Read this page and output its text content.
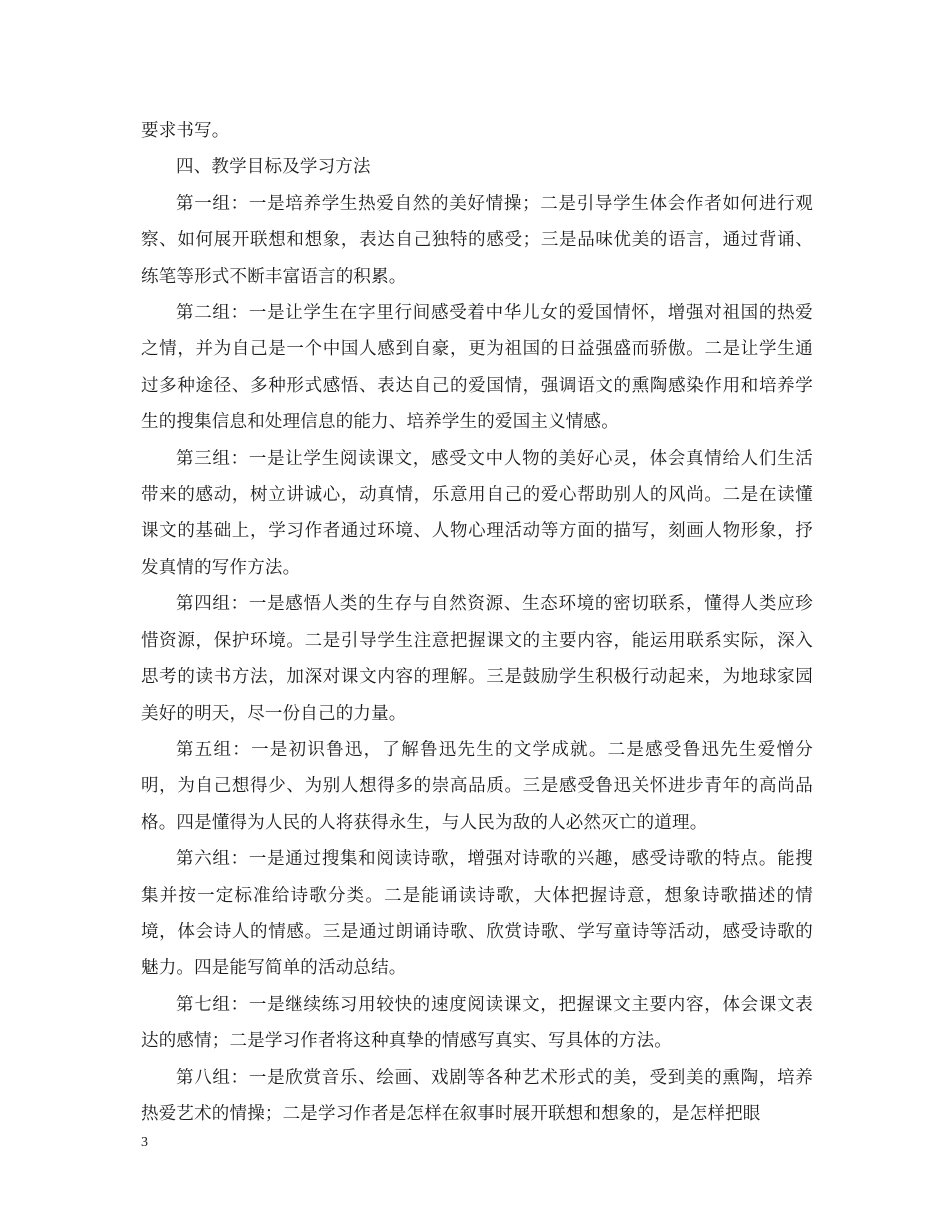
要求书写。

四、教学目标及学习方法

第一组：一是培养学生热爱自然的美好情操；二是引导学生体会作者如何进行观察、如何展开联想和想象，表达自己独特的感受；三是品味优美的语言，通过背诵、练笔等形式不断丰富语言的积累。

第二组：一是让学生在字里行间感受着中华儿女的爱国情怀，增强对祖国的热爱之情，并为自己是一个中国人感到自豪，更为祖国的日益强盛而骄傲。二是让学生通过多种途径、多种形式感悟、表达自己的爱国情，强调语文的熏陶感染作用和培养学生的搜集信息和处理信息的能力、培养学生的爱国主义情感。

第三组：一是让学生阅读课文，感受文中人物的美好心灵，体会真情给人们生活带来的感动，树立讲诚心，动真情，乐意用自己的爱心帮助别人的风尚。二是在读懂课文的基础上，学习作者通过环境、人物心理活动等方面的描写，刻画人物形象，抒发真情的写作方法。

第四组：一是感悟人类的生存与自然资源、生态环境的密切联系，懂得人类应珍惜资源，保护环境。二是引导学生注意把握课文的主要内容，能运用联系实际，深入思考的读书方法，加深对课文内容的理解。三是鼓励学生积极行动起来，为地球家园美好的明天，尽一份自己的力量。

第五组：一是初识鲁迅，了解鲁迅先生的文学成就。二是感受鲁迅先生爱憎分明，为自己想得少、为别人想得多的崇高品质。三是感受鲁迅关怀进步青年的高尚品格。四是懂得为人民的人将获得永生，与人民为敌的人必然灭亡的道理。

第六组：一是通过搜集和阅读诗歌，增强对诗歌的兴趣，感受诗歌的特点。能搜集并按一定标准给诗歌分类。二是能诵读诗歌，大体把握诗意，想象诗歌描述的情境，体会诗人的情感。三是通过朗诵诗歌、欣赏诗歌、学写童诗等活动，感受诗歌的魅力。四是能写简单的活动总结。

第七组：一是继续练习用较快的速度阅读课文，把握课文主要内容，体会课文表达的感情；二是学习作者将这种真挚的情感写真实、写具体的方法。

第八组：一是欣赏音乐、绘画、戏剧等各种艺术形式的美，受到美的熏陶，培养热爱艺术的情操；二是学习作者是怎样在叙事时展开联想和想象的，是怎样把眼

3
